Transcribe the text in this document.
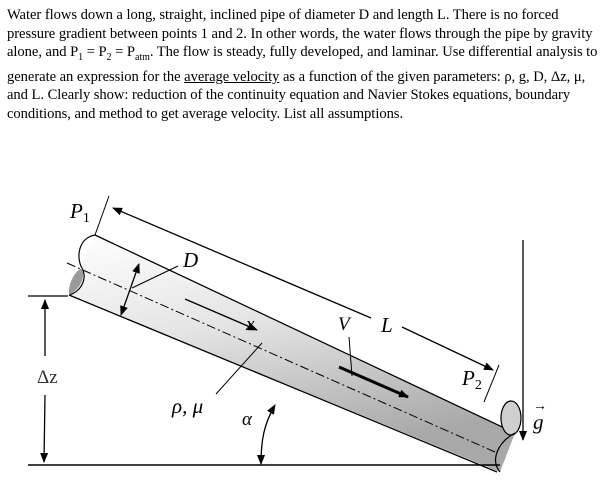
Water flows down a long, straight, inclined pipe of diameter D and length L. There is no forced pressure gradient between points 1 and 2. In other words, the water flows through the pipe by gravity alone, and $P_1 = P_2 = P_{atm}$. The flow is steady, fully developed, and laminar. Use differential analysis to generate an expression for the average velocity as a function of the given parameters: ρ, g, D, Δz, μ, and L. Clearly show: reduction of the continuity equation and Navier Stokes equations, boundary conditions, and method to get average velocity. List all assumptions.

$P_1$
D
x	V L
$P_2$
Δz
ρ, μ
α
→
g
